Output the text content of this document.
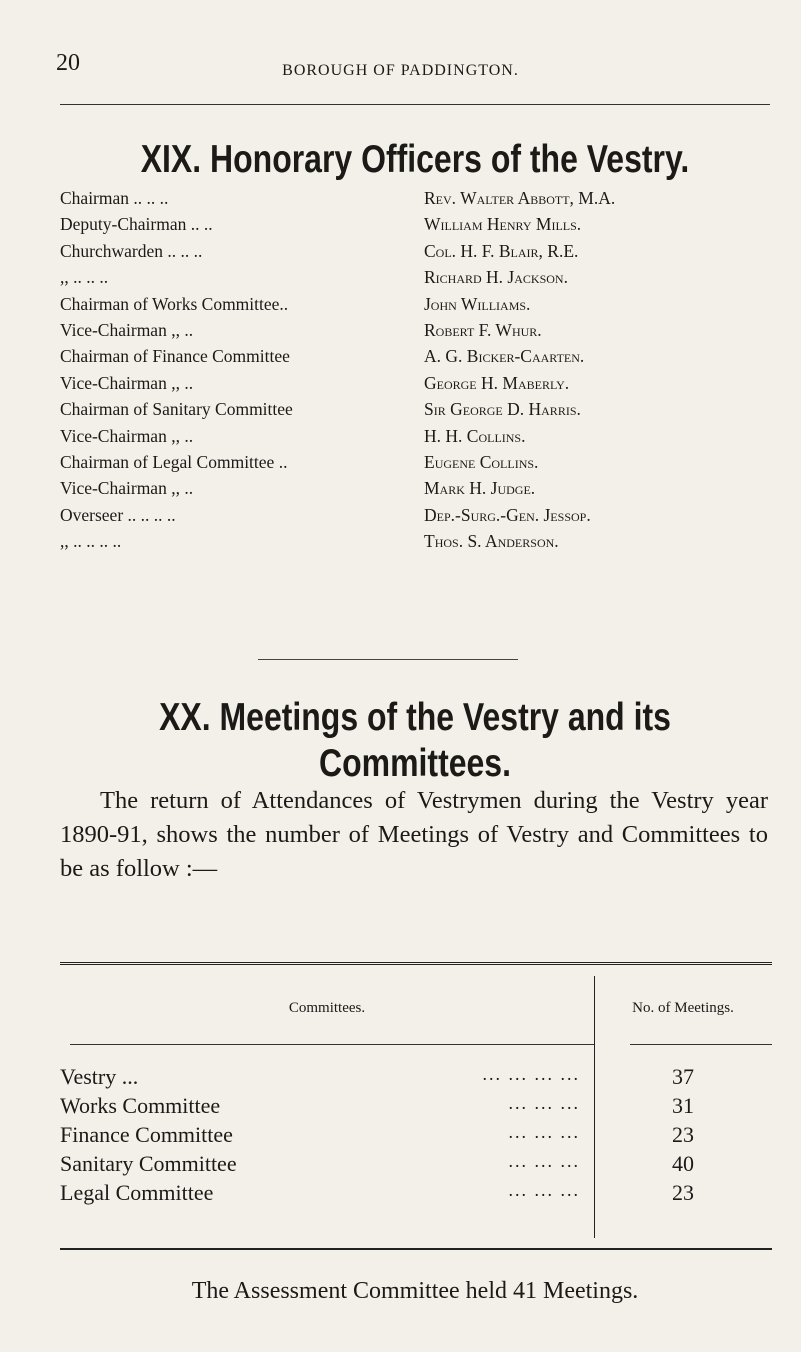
20	BOROUGH OF PADDINGTON.
XIX. Honorary Officers of the Vestry.

Chairman .. .. ..

	Rev. Walter Abbott, M.A.

Deputy-Chairman .. ..

	William Henry Mills.

Churchwarden .. .. ..

	Col. H. F. Blair, R.E.

,, .. .. ..

	Richard H. Jackson.

Chairman of Works Committee..

	John Williams.

Vice-Chairman ,, ..

	Robert F. Whur.

Chairman of Finance Committee

	A. G. Bicker-Caarten.

Vice-Chairman ,, ..

	George H. Maberly.

Chairman of Sanitary Committee

	Sir George D. Harris.

Vice-Chairman ,, ..

	H. H. Collins.

Chairman of Legal Committee ..

	Eugene Collins.

Vice-Chairman ,, ..

	Mark H. Judge.

Overseer .. .. .. ..

	Dep.-Surg.-Gen. Jessop.

,, .. .. .. ..

	Thos. S. Anderson.

XX. Meetings of the Vestry and its
Committees.
The return of Attendances of Vestrymen during the Vestry year 1890-91, shows the number of Meetings of Vestry and Committees to be as follow :—
Committees.	No. of Meetings.
Vestry ...	... ... ... ...	37
Works Committee	... ... ...	31
Finance Committee	... ... ...	23
Sanitary Committee	... ... ...	40
Legal Committee	... ... ...	23
The Assessment Committee held 41 Meetings.
